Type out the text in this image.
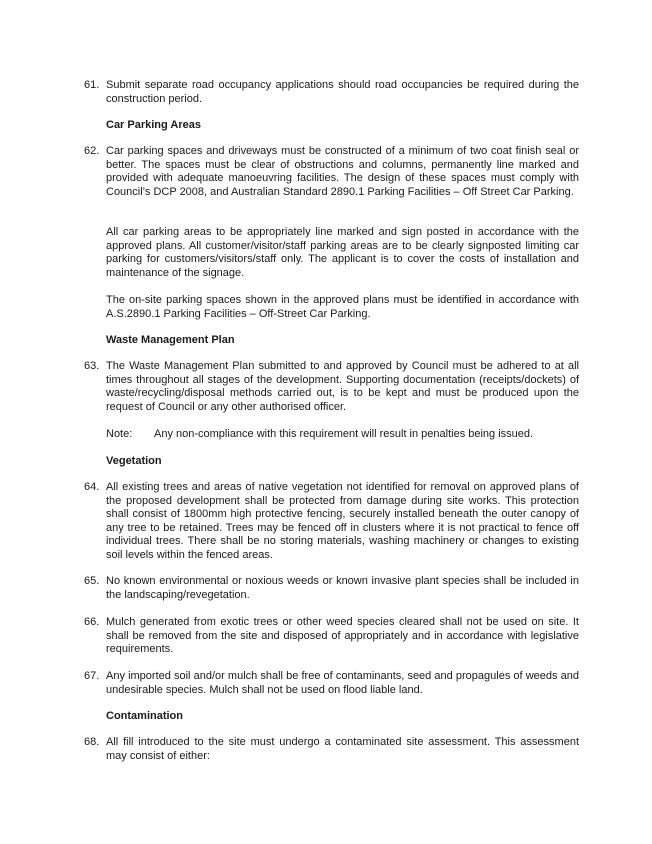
61. Submit separate road occupancy applications should road occupancies be required during the construction period.
Car Parking Areas
62. Car parking spaces and driveways must be constructed of a minimum of two coat finish seal or better. The spaces must be clear of obstructions and columns, permanently line marked and provided with adequate manoeuvring facilities. The design of these spaces must comply with Council’s DCP 2008, and Australian Standard 2890.1 Parking Facilities – Off Street Car Parking.
All car parking areas to be appropriately line marked and sign posted in accordance with the approved plans. All customer/visitor/staff parking areas are to be clearly signposted limiting car parking for customers/visitors/staff only. The applicant is to cover the costs of installation and maintenance of the signage.
The on-site parking spaces shown in the approved plans must be identified in accordance with A.S.2890.1 Parking Facilities – Off-Street Car Parking.
Waste Management Plan
63. The Waste Management Plan submitted to and approved by Council must be adhered to at all times throughout all stages of the development. Supporting documentation (receipts/dockets) of waste/recycling/disposal methods carried out, is to be kept and must be produced upon the request of Council or any other authorised officer.
Note: Any non-compliance with this requirement will result in penalties being issued.
Vegetation
64. All existing trees and areas of native vegetation not identified for removal on approved plans of the proposed development shall be protected from damage during site works. This protection shall consist of 1800mm high protective fencing, securely installed beneath the outer canopy of any tree to be retained. Trees may be fenced off in clusters where it is not practical to fence off individual trees. There shall be no storing materials, washing machinery or changes to existing soil levels within the fenced areas.
65. No known environmental or noxious weeds or known invasive plant species shall be included in the landscaping/revegetation.
66. Mulch generated from exotic trees or other weed species cleared shall not be used on site. It shall be removed from the site and disposed of appropriately and in accordance with legislative requirements.
67. Any imported soil and/or mulch shall be free of contaminants, seed and propagules of weeds and undesirable species. Mulch shall not be used on flood liable land.
Contamination
68. All fill introduced to the site must undergo a contaminated site assessment. This assessment may consist of either:
